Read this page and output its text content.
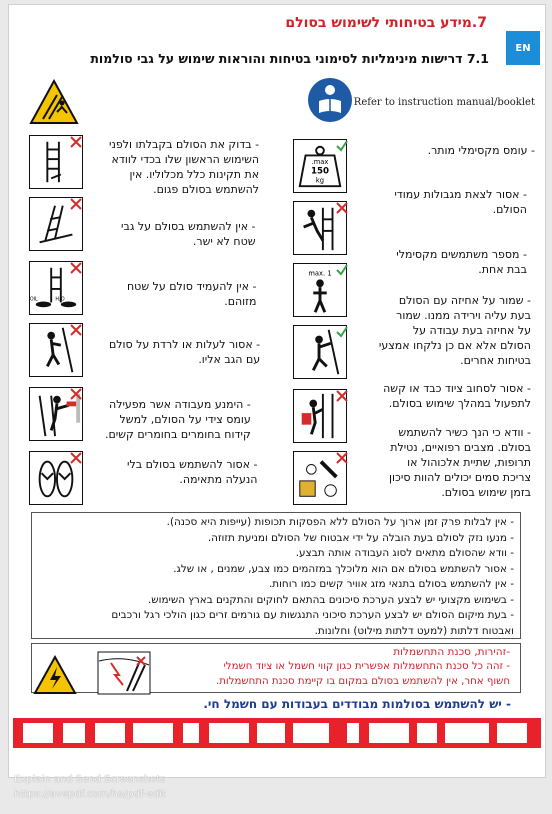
7.מידע בטיחותי לשימוש בסולם
EN
7.1 דרישות מינימליות לסימוני בטיחות והוראות שימוש על גבי סולמות
Refer to instruction manual/booklet
- בדוק את הסולם בקבלתו ולפני
השימוש הראשון שלו בכדי לוודא
את תקינות כלל מכלוליו. אין
להשתמש בסולם פגום.
- אין להשתמש בסולם על גבי
שטח לא ישר.
- אין להעמיד סולם על שטח
מזוהם.
- אסור לעלות או לרדת על סולם
עם הגב אליו.
- הימנע מעבודה אשר מפעילה
עומס צידי על הסולם, למשל
קידוח בחומרים בחומרים קשים.
- אסור להשתמש בסולם בלי
הנעלה מתאימה.
- עומס מקסימלי מותר.
- אסור לצאת מגבולות עמודי
הסולם.
- מספר משתמשים מקסימלי
בבת אחת.
- שמור על אחיזה עם הסולם
בעת עליה וירידה ממנו. שמור
על אחיזה בעת עבודה על
הסולם אלא אם כן נלקחו אמצעי
בטיחות אחרים.
- אסור לסחוב ציוד כבד או קשה
לתפעול במהלך שימוש בסולם.
- וודא כי הנך כשיר להשתמש
בסולם. מצבים רפואיים, נטילת
תרופות, שתיית אלכוהול או
צריכת סמים יכולים להוות סיכון
בזמן שימוש בסולם.
OIL	H₂O
max.
150
kg
max. 1
- אין לבלות פרק זמן ארוך על הסולם ללא הפסקות תכופות (עייפות היא סכנה).
- מנעו נזק לסולם בעת הובלה על ידי אבטוח של הסולם ומניעת תזוזה.
- וודא שהסולם מתאים לסוג העבודה אותה תבצע.
- אסור להשתמש בסולם אם הוא מלוכלך במזהמים כמו צבע, שמנים , או שלג.
- אין להשתמש בסולם בתנאי מזג אוויר קשים כמו רוחות.
- בשימוש מקצועי יש לבצע הערכת סיכונים בהתאם לחוקים והתקנים בארץ השימוש.
- בעת מיקום הסולם יש לבצע הערכת סיכוני התנגשות עם גורמים זרים כגון הולכי רגל ורכבים
ואבטוח דלתות (למעט דלתות מילוט) וחלונות.
-זהירות, סכנת התחשמלות
- זהה כל סכנת התחשמלות אפשרית כגון קווי חשמל או ציוד חשמלי
חשוף אחר, אין להשתמש בסולם במקום בו קיימת סכנת התחשמלות.
- יש להשתמש בסולמות מבודדים בעבודות עם חשמל חי.
Explain and Send Screenshots
https://avepdf.com/he/pdf-edit
